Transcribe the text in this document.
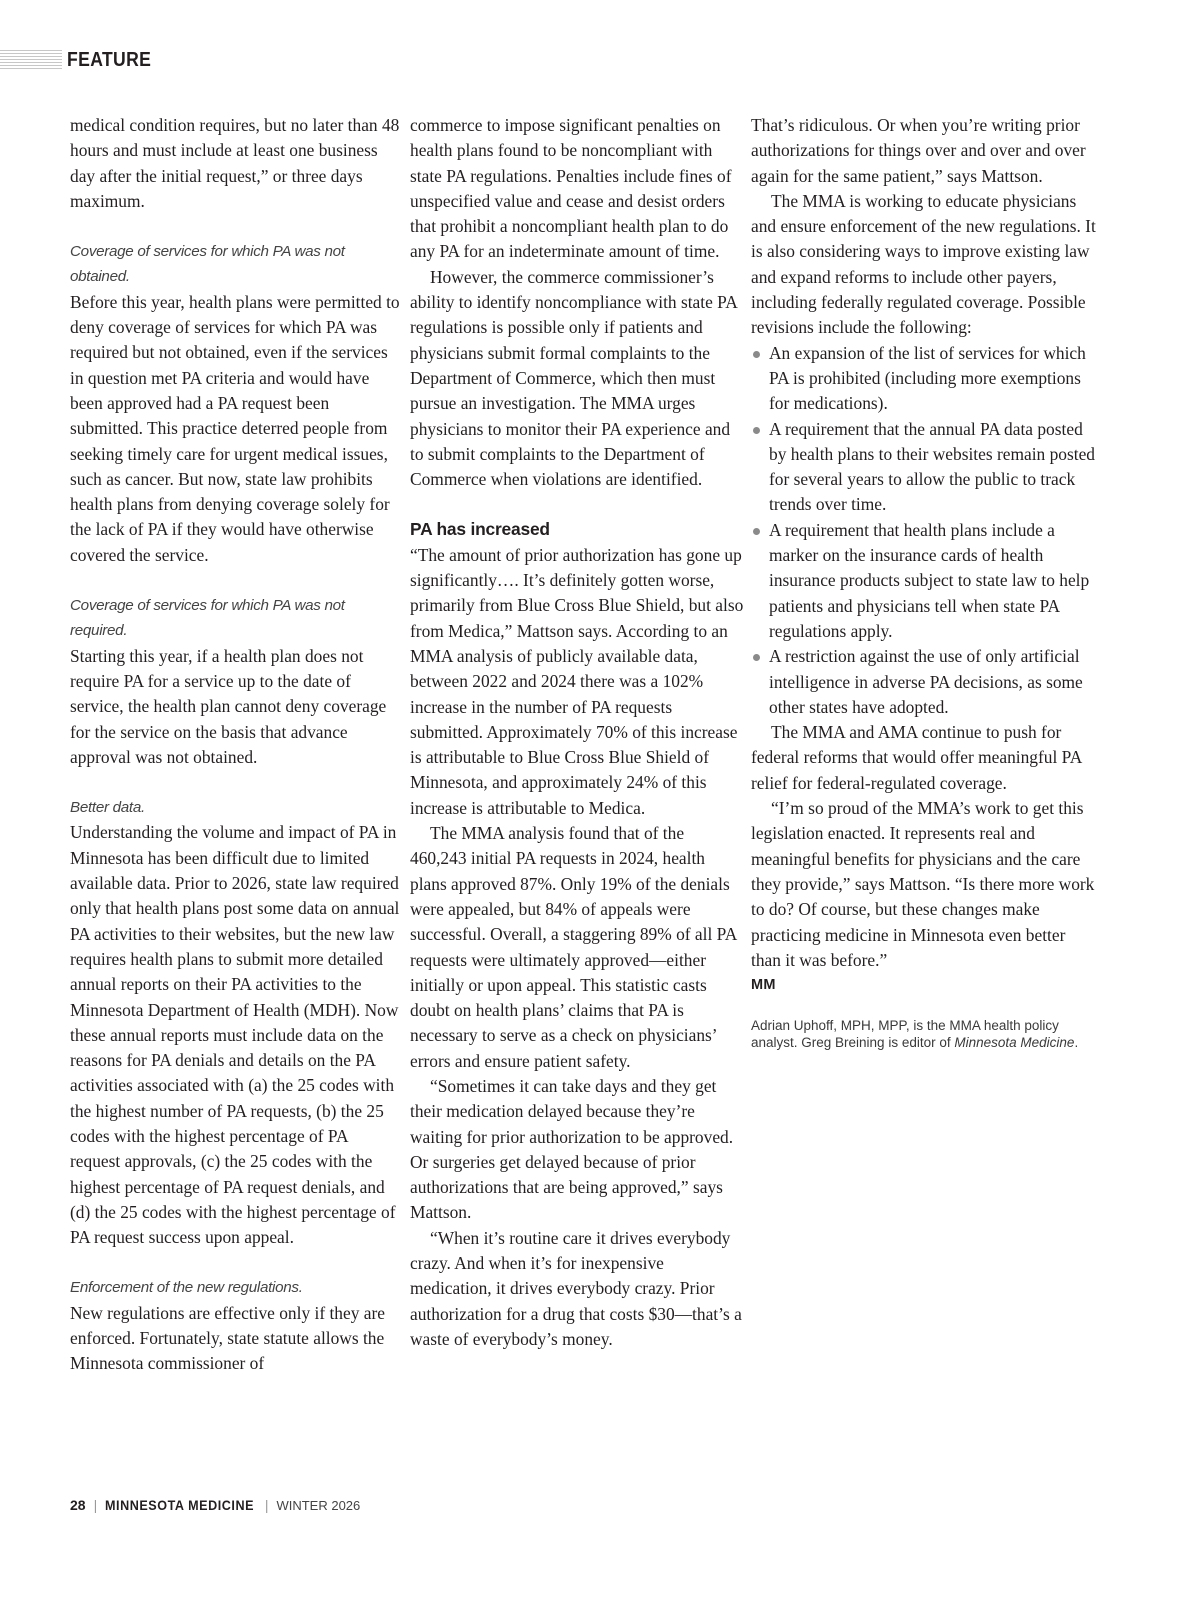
FEATURE

medical condition requires, but no later than 48 hours and must include at least one business day after the initial request,” or three days maximum.

Coverage of services for which PA was not obtained.

Before this year, health plans were permitted to deny coverage of services for which PA was required but not obtained, even if the services in question met PA criteria and would have been approved had a PA request been submitted. This practice deterred people from seeking timely care for urgent medical issues, such as cancer. But now, state law prohibits health plans from denying coverage solely for the lack of PA if they would have otherwise covered the service.

Coverage of services for which PA was not required.

Starting this year, if a health plan does not require PA for a service up to the date of service, the health plan cannot deny coverage for the service on the basis that advance approval was not obtained.

Better data.

Understanding the volume and impact of PA in Minnesota has been difficult due to limited available data. Prior to 2026, state law required only that health plans post some data on annual PA activities to their websites, but the new law requires health plans to submit more detailed annual reports on their PA activities to the Minnesota Department of Health (MDH). Now these annual reports must include data on the reasons for PA denials and details on the PA activities associated with (a) the 25 codes with the highest number of PA requests, (b) the 25 codes with the highest percentage of PA request approvals, (c) the 25 codes with the highest percentage of PA request denials, and (d) the 25 codes with the highest percentage of PA request success upon appeal.

Enforcement of the new regulations.

New regulations are effective only if they are enforced. Fortunately, state statute allows the Minnesota commissioner of

commerce to impose significant penalties on health plans found to be noncompliant with state PA regulations. Penalties include fines of unspecified value and cease and desist orders that prohibit a noncompliant health plan to do any PA for an indeterminate amount of time.

However, the commerce commissioner’s ability to identify noncompliance with state PA regulations is possible only if patients and physicians submit formal complaints to the Department of Commerce, which then must pursue an investigation. The MMA urges physicians to monitor their PA experience and to submit complaints to the Department of Commerce when violations are identified.

PA has increased

“The amount of prior authorization has gone up significantly…. It’s definitely gotten worse, primarily from Blue Cross Blue Shield, but also from Medica,” Mattson says. According to an MMA analysis of publicly available data, between 2022 and 2024 there was a 102% increase in the number of PA requests submitted. Approximately 70% of this increase is attributable to Blue Cross Blue Shield of Minnesota, and approximately 24% of this increase is attributable to Medica.

The MMA analysis found that of the 460,243 initial PA requests in 2024, health plans approved 87%. Only 19% of the denials were appealed, but 84% of appeals were successful. Overall, a staggering 89% of all PA requests were ultimately approved—either initially or upon appeal. This statistic casts doubt on health plans’ claims that PA is necessary to serve as a check on physicians’ errors and ensure patient safety.

“Sometimes it can take days and they get their medication delayed because they’re waiting for prior authorization to be approved. Or surgeries get delayed because of prior authorizations that are being approved,” says Mattson.

“When it’s routine care it drives everybody crazy. And when it’s for inexpensive medication, it drives everybody crazy. Prior authorization for a drug that costs $30—that’s a waste of everybody’s money.

That’s ridiculous. Or when you’re writing prior authorizations for things over and over and over again for the same patient,” says Mattson.

The MMA is working to educate physicians and ensure enforcement of the new regulations. It is also considering ways to improve existing law and expand reforms to include other payers, including federally regulated coverage. Possible revisions include the following:

An expansion of the list of services for which PA is prohibited (including more exemptions for medications).
A requirement that the annual PA data posted by health plans to their websites remain posted for several years to allow the public to track trends over time.
A requirement that health plans include a marker on the insurance cards of health insurance products subject to state law to help patients and physicians tell when state PA regulations apply.
A restriction against the use of only artificial intelligence in adverse PA decisions, as some other states have adopted.

The MMA and AMA continue to push for federal reforms that would offer meaningful PA relief for federal-regulated coverage.

“I’m so proud of the MMA’s work to get this legislation enacted. It represents real and meaningful benefits for physicians and the care they provide,” says Mattson. “Is there more work to do? Of course, but these changes make practicing medicine in Minnesota even better than it was before.”

MM

Adrian Uphoff, MPH, MPP, is the MMA health policy analyst. Greg Breining is editor of Minnesota Medicine.

28 | MINNESOTA MEDICINE | WINTER 2026
